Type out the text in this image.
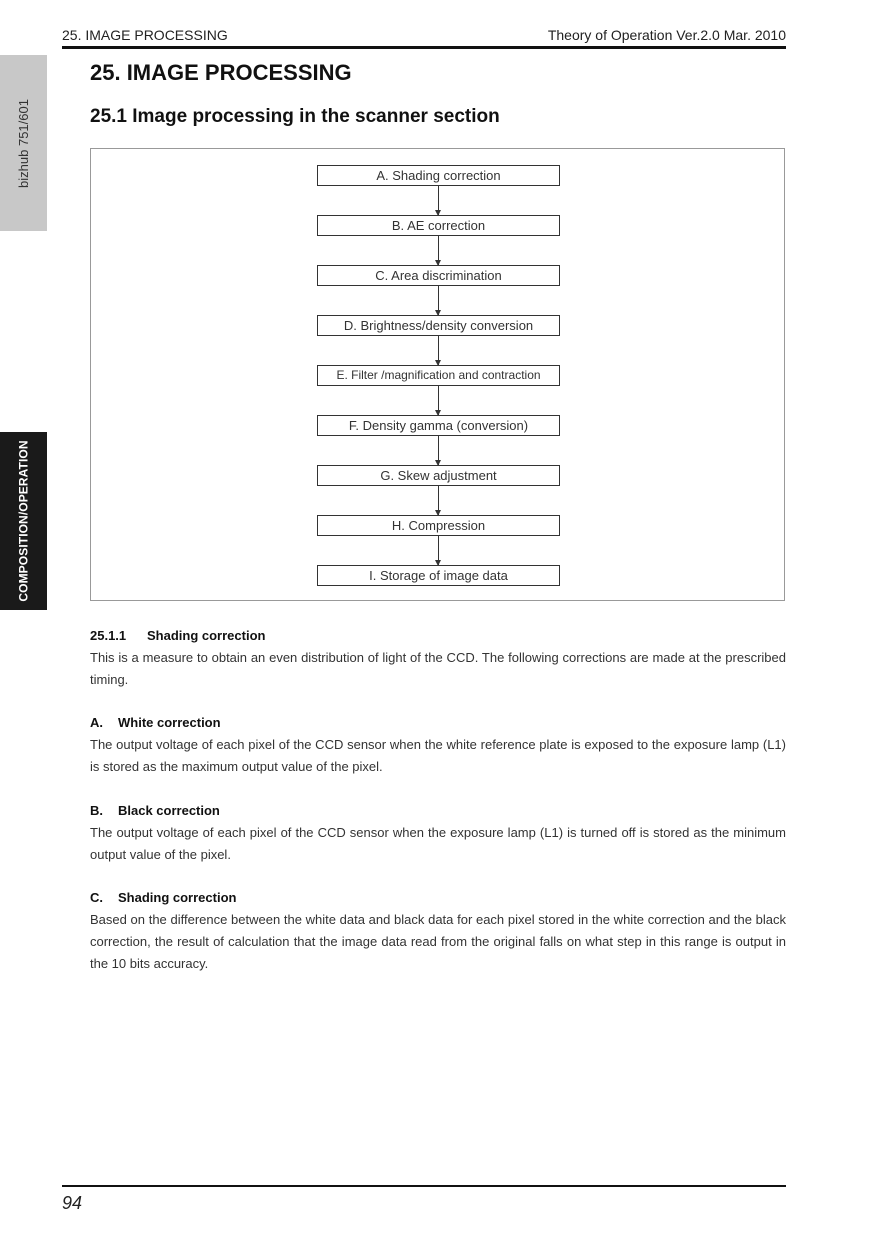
25. IMAGE PROCESSING	Theory of Operation Ver.2.0 Mar. 2010
bizhub 751/601
COMPOSITION/OPERATION
25. IMAGE PROCESSING
25.1 Image processing in the scanner section
A. Shading correction
B. AE correction
C. Area discrimination
D. Brightness/density conversion
E. Filter /magnification and contraction
F. Density gamma (conversion)
G. Skew adjustment
H. Compression
I. Storage of image data
25.1.1 Shading correction
This is a measure to obtain an even distribution of light of the CCD. The following corrections are made at the prescribed timing.
A. White correction
The output voltage of each pixel of the CCD sensor when the white reference plate is exposed to the exposure lamp (L1) is stored as the maximum output value of the pixel.
B. Black correction
The output voltage of each pixel of the CCD sensor when the exposure lamp (L1) is turned off is stored as the minimum output value of the pixel.
C. Shading correction
Based on the difference between the white data and black data for each pixel stored in the white correction and the black correction, the result of calculation that the image data read from the original falls on what step in this range is output in the 10 bits accuracy.
94
